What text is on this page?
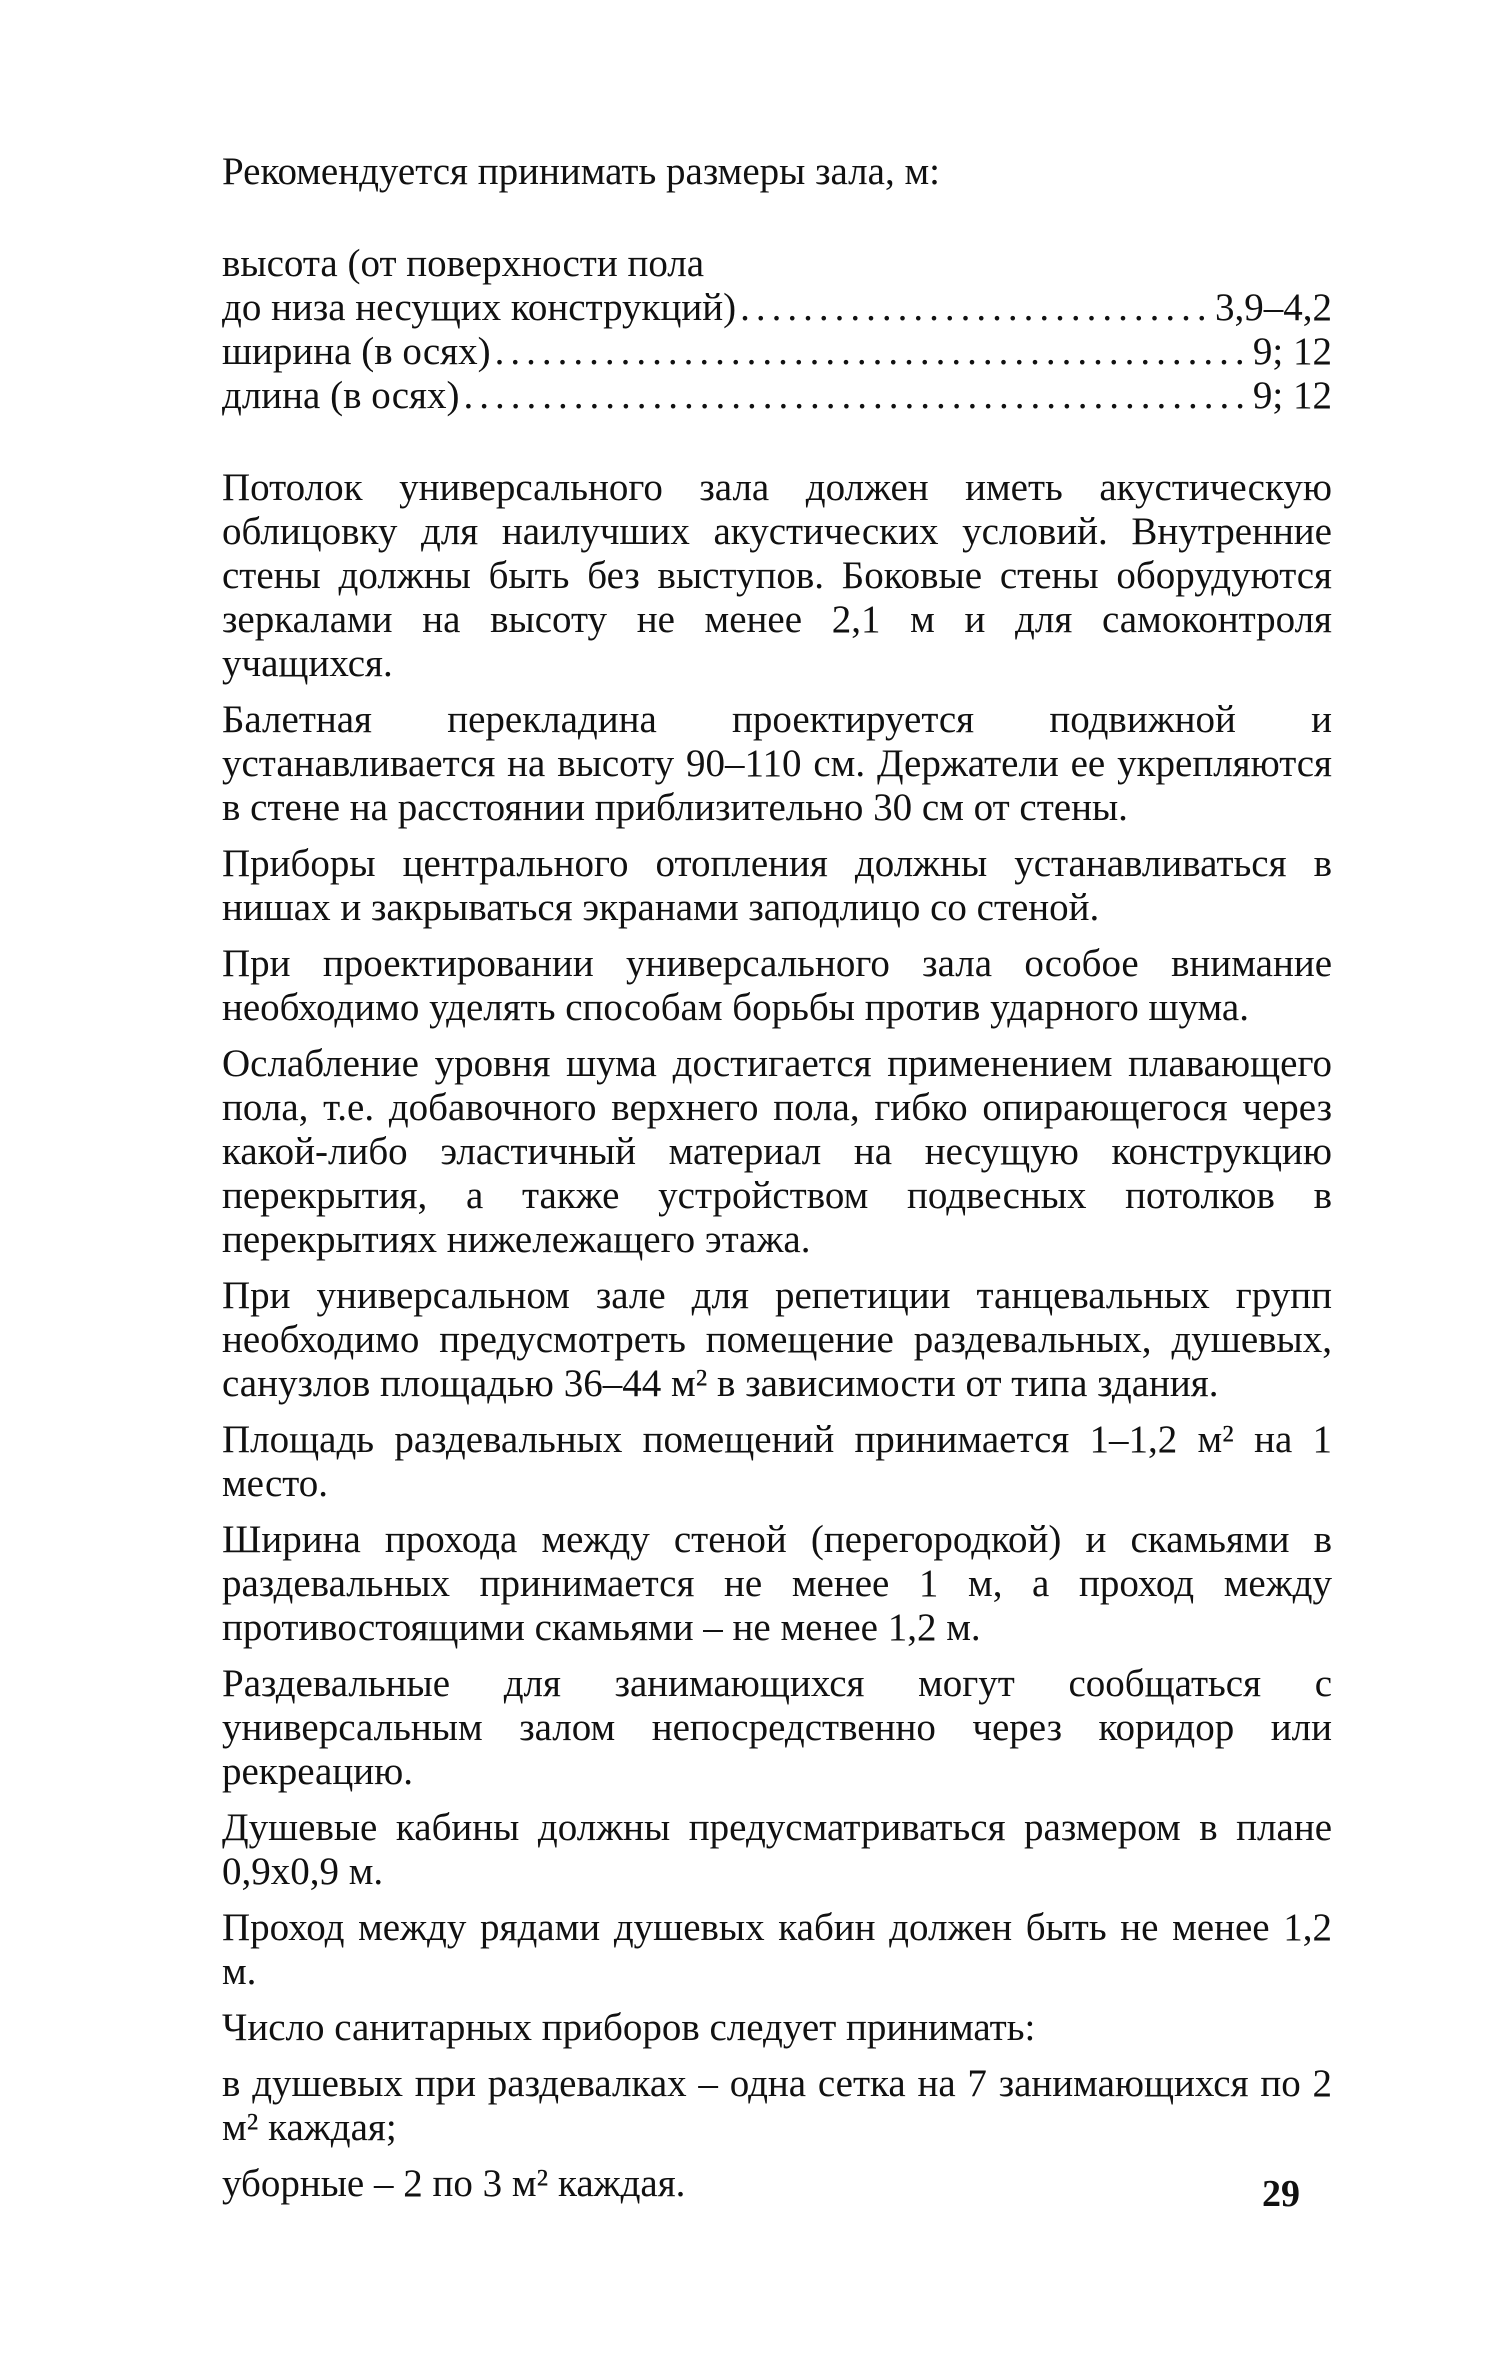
Рекомендуется принимать размеры зала, м:

высота (от поверхности пола
до низа несущих конструкций) .....	3,9–4,2
ширина (в осях) .....	9; 12
длина (в осях) .....	9; 12

Потолок универсального зала должен иметь акустическую облицовку для наилучших акустических условий. Внутренние стены должны быть без выступов. Боковые стены оборудуются зеркалами на высоту не менее 2,1 м и для самоконтроля учащихся.

Балетная перекладина проектируется подвижной и устанавливается на высоту 90–110 см. Держатели ее укрепляются в стене на расстоянии приблизительно 30 см от стены.

Приборы центрального отопления должны устанавливаться в нишах и закрываться экранами заподлицо со стеной.

При проектировании универсального зала особое внимание необходимо уделять способам борьбы против ударного шума.

Ослабление уровня шума достигается применением плавающего пола, т.е. добавочного верхнего пола, гибко опирающегося через какой-либо эластичный материал на несущую конструкцию перекрытия, а также устройством подвесных потолков в перекрытиях нижележащего этажа.

При универсальном зале для репетиции танцевальных групп необходимо предусмотреть помещение раздевальных, душевых, санузлов площадью 36–44 м² в зависимости от типа здания.

Площадь раздевальных помещений принимается 1–1,2 м² на 1 место.

Ширина прохода между стеной (перегородкой) и скамьями в раздевальных принимается не менее 1 м, а проход между противостоящими скамьями – не менее 1,2 м.

Раздевальные для занимающихся могут сообщаться с универсальным залом непосредственно через коридор или рекреацию.

Душевые кабины должны предусматриваться размером в плане 0,9х0,9 м.

Проход между рядами душевых кабин должен быть не менее 1,2 м.

Число санитарных приборов следует принимать:

в душевых при раздевалках – одна сетка на 7 занимающихся по 2 м² каждая;

уборные – 2 по 3 м² каждая.	29
